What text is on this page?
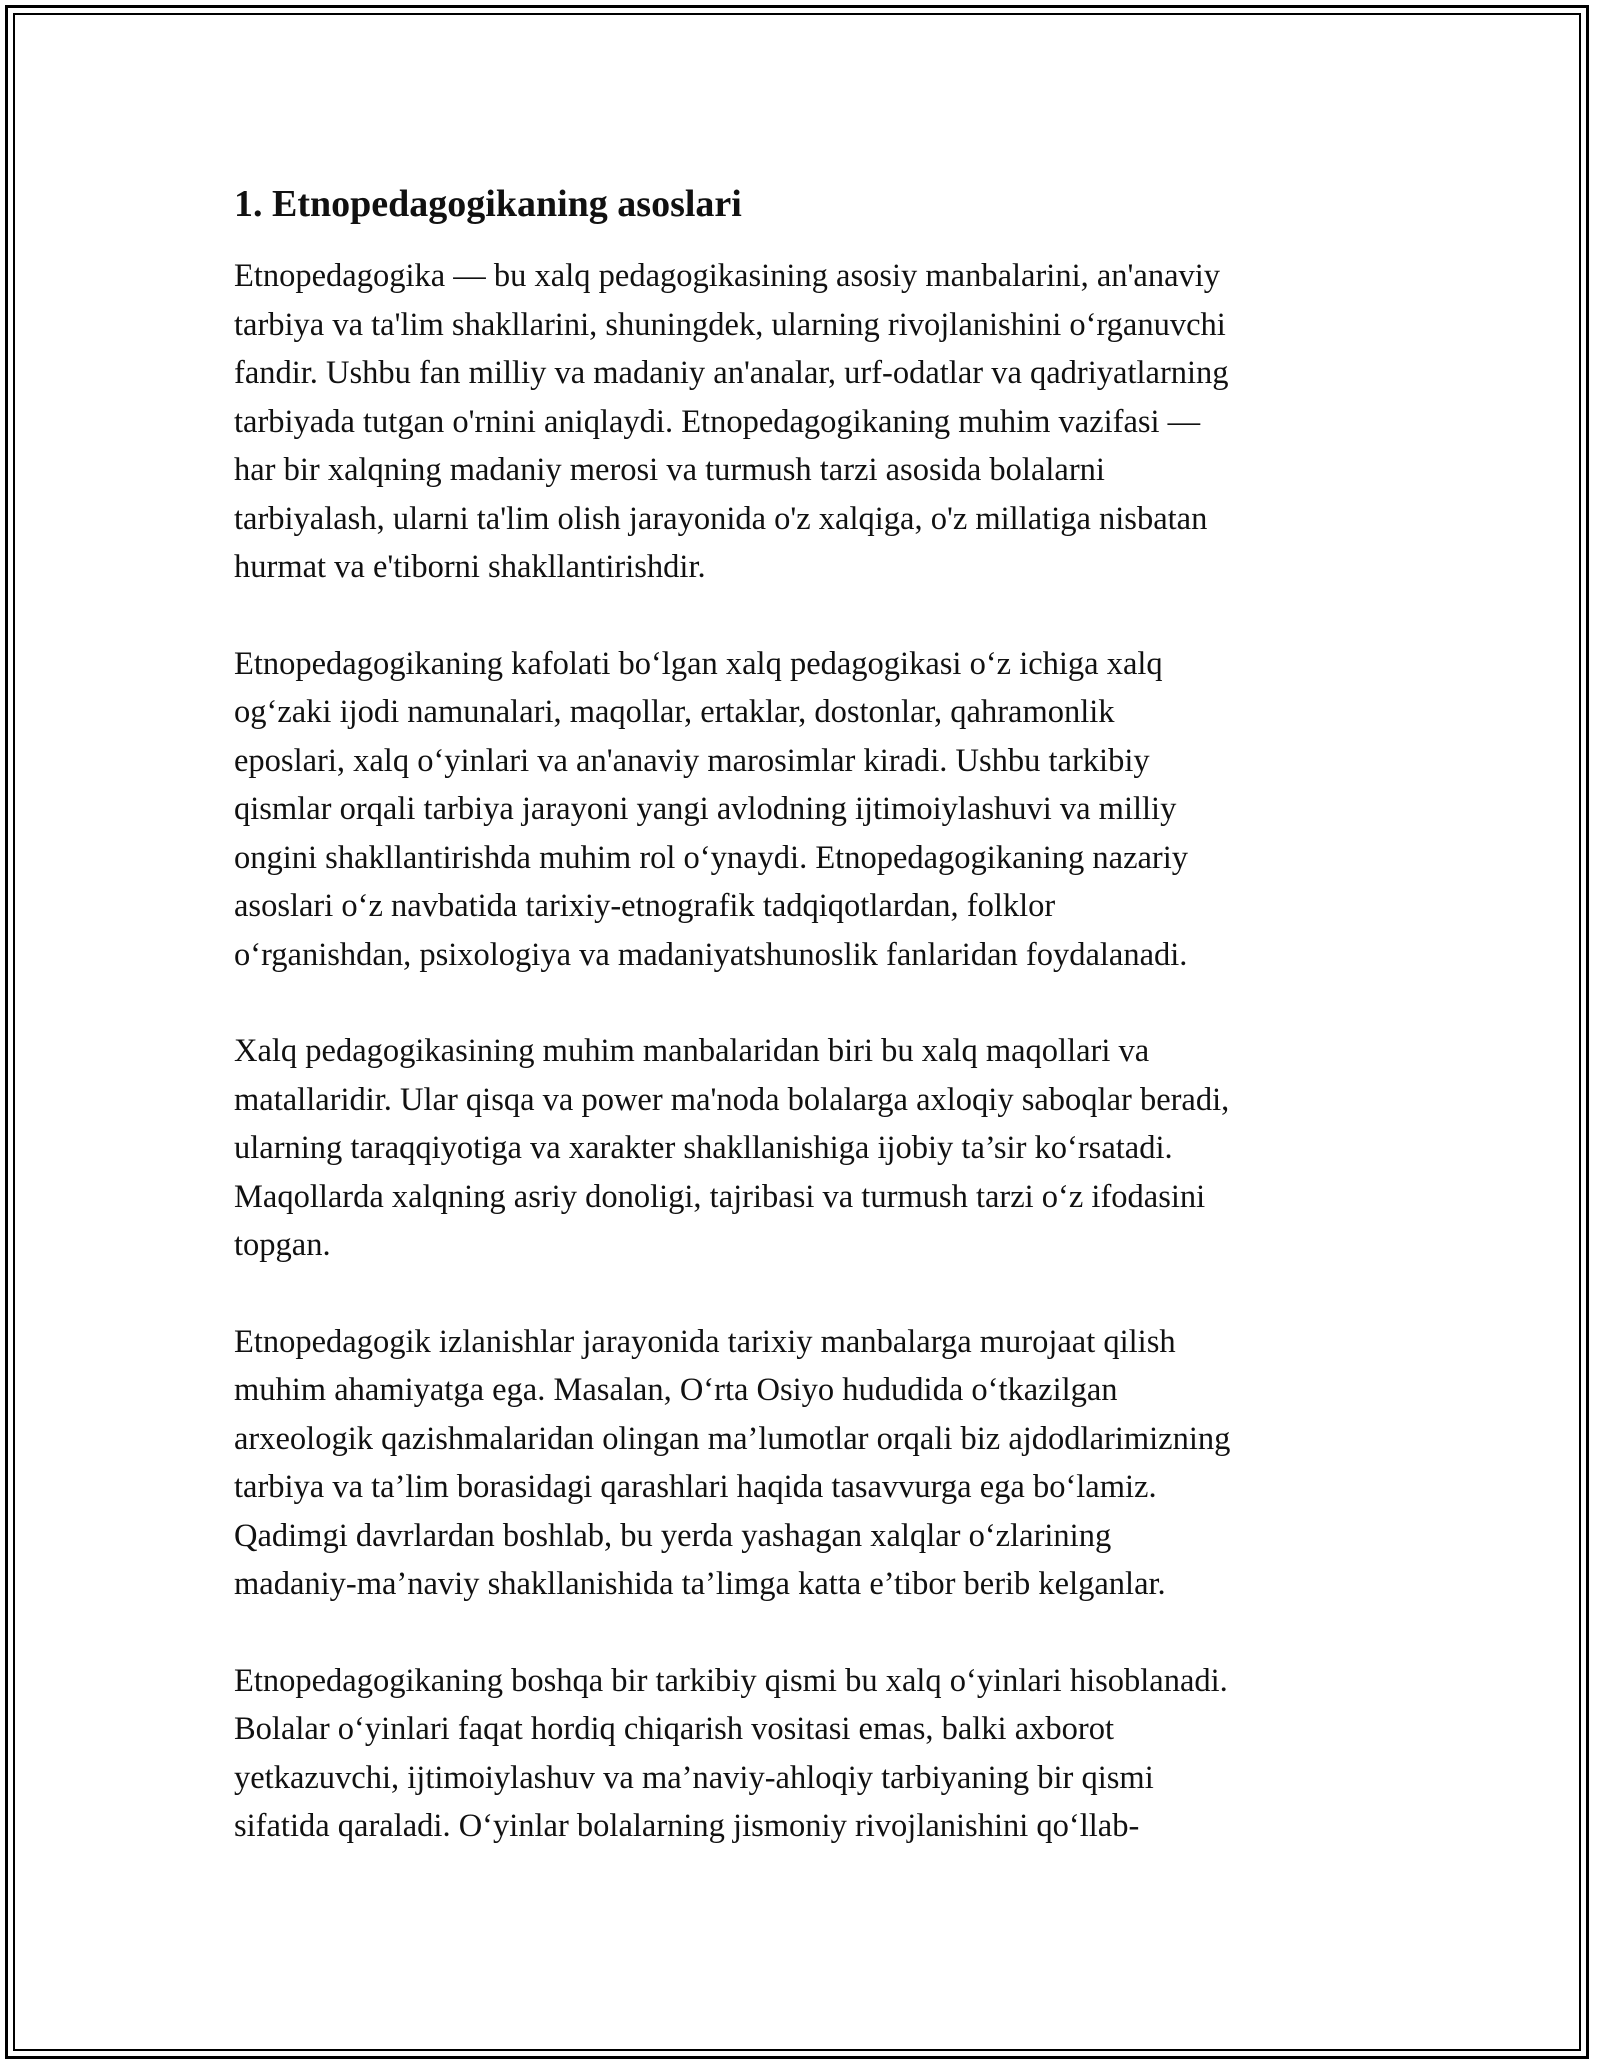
1. Etnopedagogikaning asoslari
Etnopedagogika — bu xalq pedagogikasining asosiy manbalarini, an'anaviy
tarbiya va ta'lim shakllarini, shuningdek, ularning rivojlanishini o‘rganuvchi
fandir. Ushbu fan milliy va madaniy an'analar, urf-odatlar va qadriyatlarning
tarbiyada tutgan o'rnini aniqlaydi. Etnopedagogikaning muhim vazifasi —
har bir xalqning madaniy merosi va turmush tarzi asosida bolalarni
tarbiyalash, ularni ta'lim olish jarayonida o'z xalqiga, o'z millatiga nisbatan
hurmat va e'tiborni shakllantirishdir.
Etnopedagogikaning kafolati bo‘lgan xalq pedagogikasi o‘z ichiga xalq
og‘zaki ijodi namunalari, maqollar, ertaklar, dostonlar, qahramonlik
eposlari, xalq o‘yinlari va an'anaviy marosimlar kiradi. Ushbu tarkibiy
qismlar orqali tarbiya jarayoni yangi avlodning ijtimoiylashuvi va milliy
ongini shakllantirishda muhim rol o‘ynaydi. Etnopedagogikaning nazariy
asoslari o‘z navbatida tarixiy-etnografik tadqiqotlardan, folklor
o‘rganishdan, psixologiya va madaniyatshunoslik fanlaridan foydalanadi.
Xalq pedagogikasining muhim manbalaridan biri bu xalq maqollari va
matallaridir. Ular qisqa va power ma'noda bolalarga axloqiy saboqlar beradi,
ularning taraqqiyotiga va xarakter shakllanishiga ijobiy ta’sir ko‘rsatadi.
Maqollarda xalqning asriy donoligi, tajribasi va turmush tarzi o‘z ifodasini
topgan.
Etnopedagogik izlanishlar jarayonida tarixiy manbalarga murojaat qilish
muhim ahamiyatga ega. Masalan, O‘rta Osiyo hududida o‘tkazilgan
arxeologik qazishmalaridan olingan ma’lumotlar orqali biz ajdodlarimizning
tarbiya va ta’lim borasidagi qarashlari haqida tasavvurga ega bo‘lamiz.
Qadimgi davrlardan boshlab, bu yerda yashagan xalqlar o‘zlarining
madaniy-ma’naviy shakllanishida ta’limga katta e’tibor berib kelganlar.
Etnopedagogikaning boshqa bir tarkibiy qismi bu xalq o‘yinlari hisoblanadi.
Bolalar o‘yinlari faqat hordiq chiqarish vositasi emas, balki axborot
yetkazuvchi, ijtimoiylashuv va ma’naviy-ahloqiy tarbiyaning bir qismi
sifatida qaraladi. O‘yinlar bolalarning jismoniy rivojlanishini qo‘llab-
